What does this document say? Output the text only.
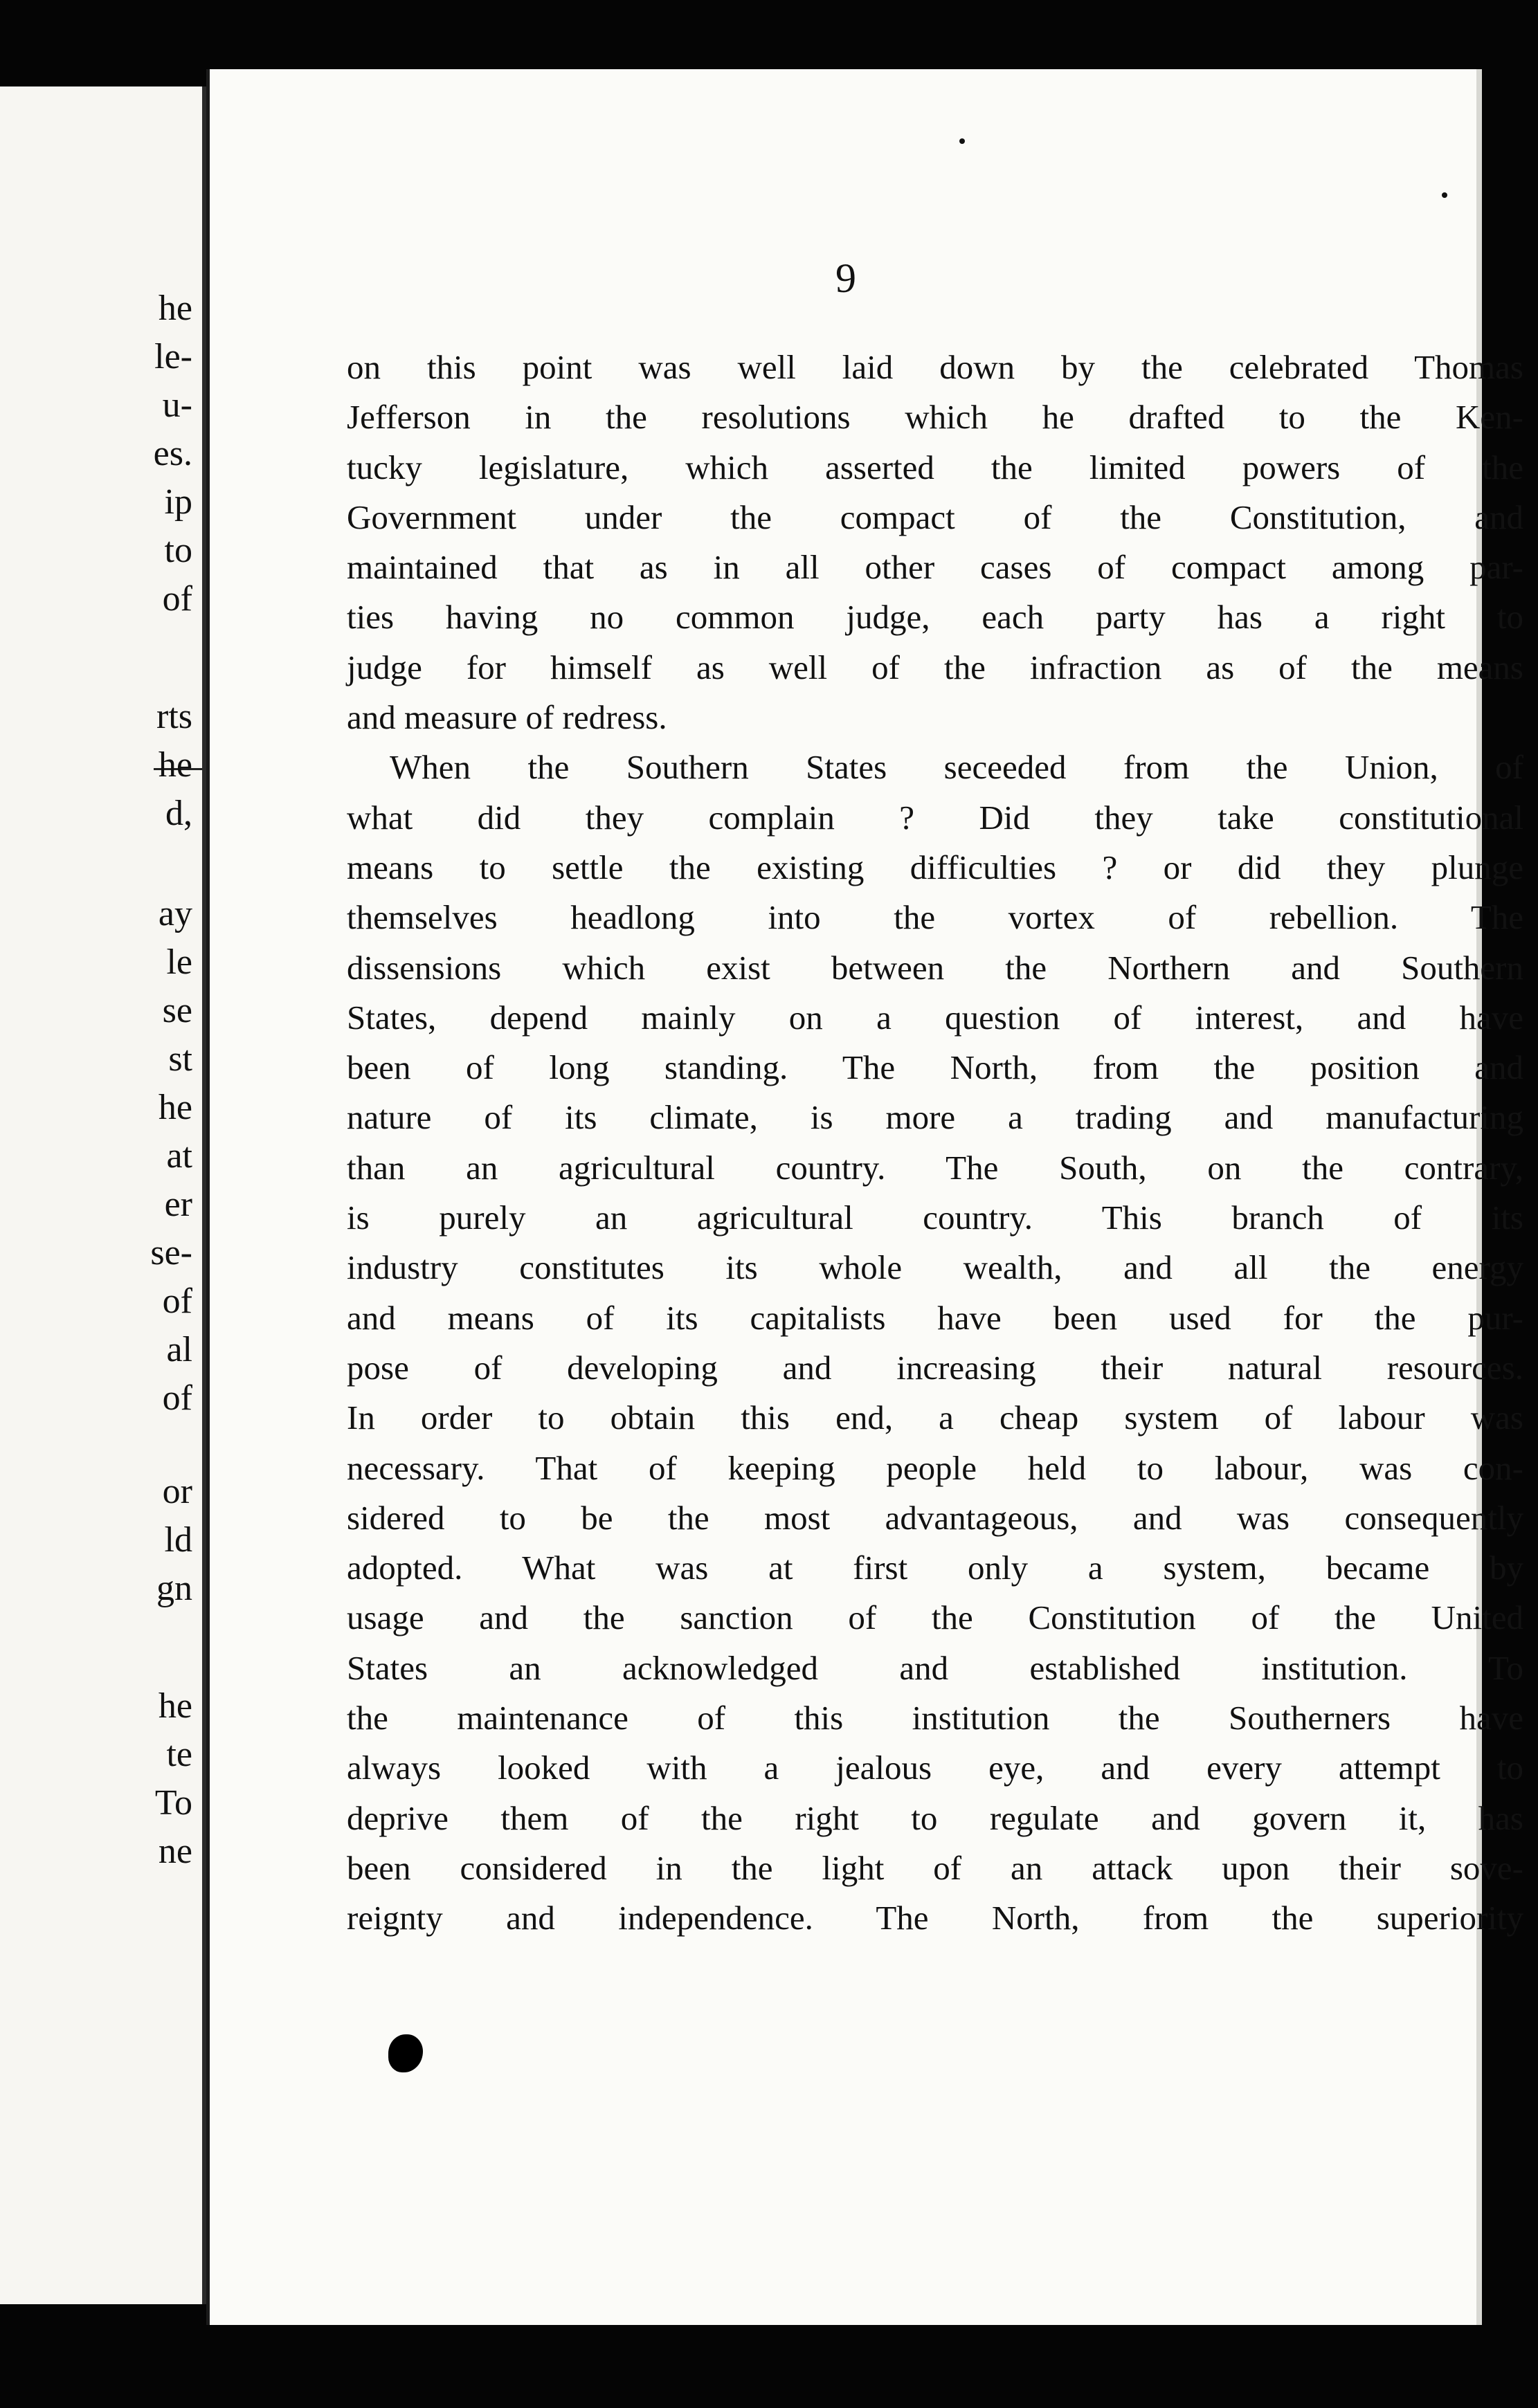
he
le-
u-
es.
ip
to
of
rts
he
d,
ay
le
se
st
he
at
er
se-
of
al
of
or
ld
gn
he
te
To
ne
9
on this point was well laid down by the celebrated Thomas
Jefferson in the resolutions which he drafted to the Ken-
tucky legislature, which asserted the limited powers of the
Government under the compact of the Constitution, and
maintained that as in all other cases of compact among par-
ties having no common judge, each party has a right to
judge for himself as well of the infraction as of the means
and measure of redress.
When the Southern States seceeded from the Union, of
what did they complain ? Did they take constitutional
means to settle the existing difficulties ? or did they plunge
themselves headlong into the vortex of rebellion. The
dissensions which exist between the Northern and Southern
States, depend mainly on a question of interest, and have
been of long standing. The North, from the position and
nature of its climate, is more a trading and manufacturing
than an agricultural country. The South, on the contrary,
is purely an agricultural country. This branch of its
industry constitutes its whole wealth, and all the energy
and means of its capitalists have been used for the pur-
pose of developing and increasing their natural resources.
In order to obtain this end, a cheap system of labour was
necessary. That of keeping people held to labour, was con-
sidered to be the most advantageous, and was consequently
adopted. What was at first only a system, became by
usage and the sanction of the Constitution of the United
States an acknowledged and established institution. To
the maintenance of this institution the Southerners have
always looked with a jealous eye, and every attempt to
deprive them of the right to regulate and govern it, has
been considered in the light of an attack upon their sove-
reignty and independence. The North, from the superiority
